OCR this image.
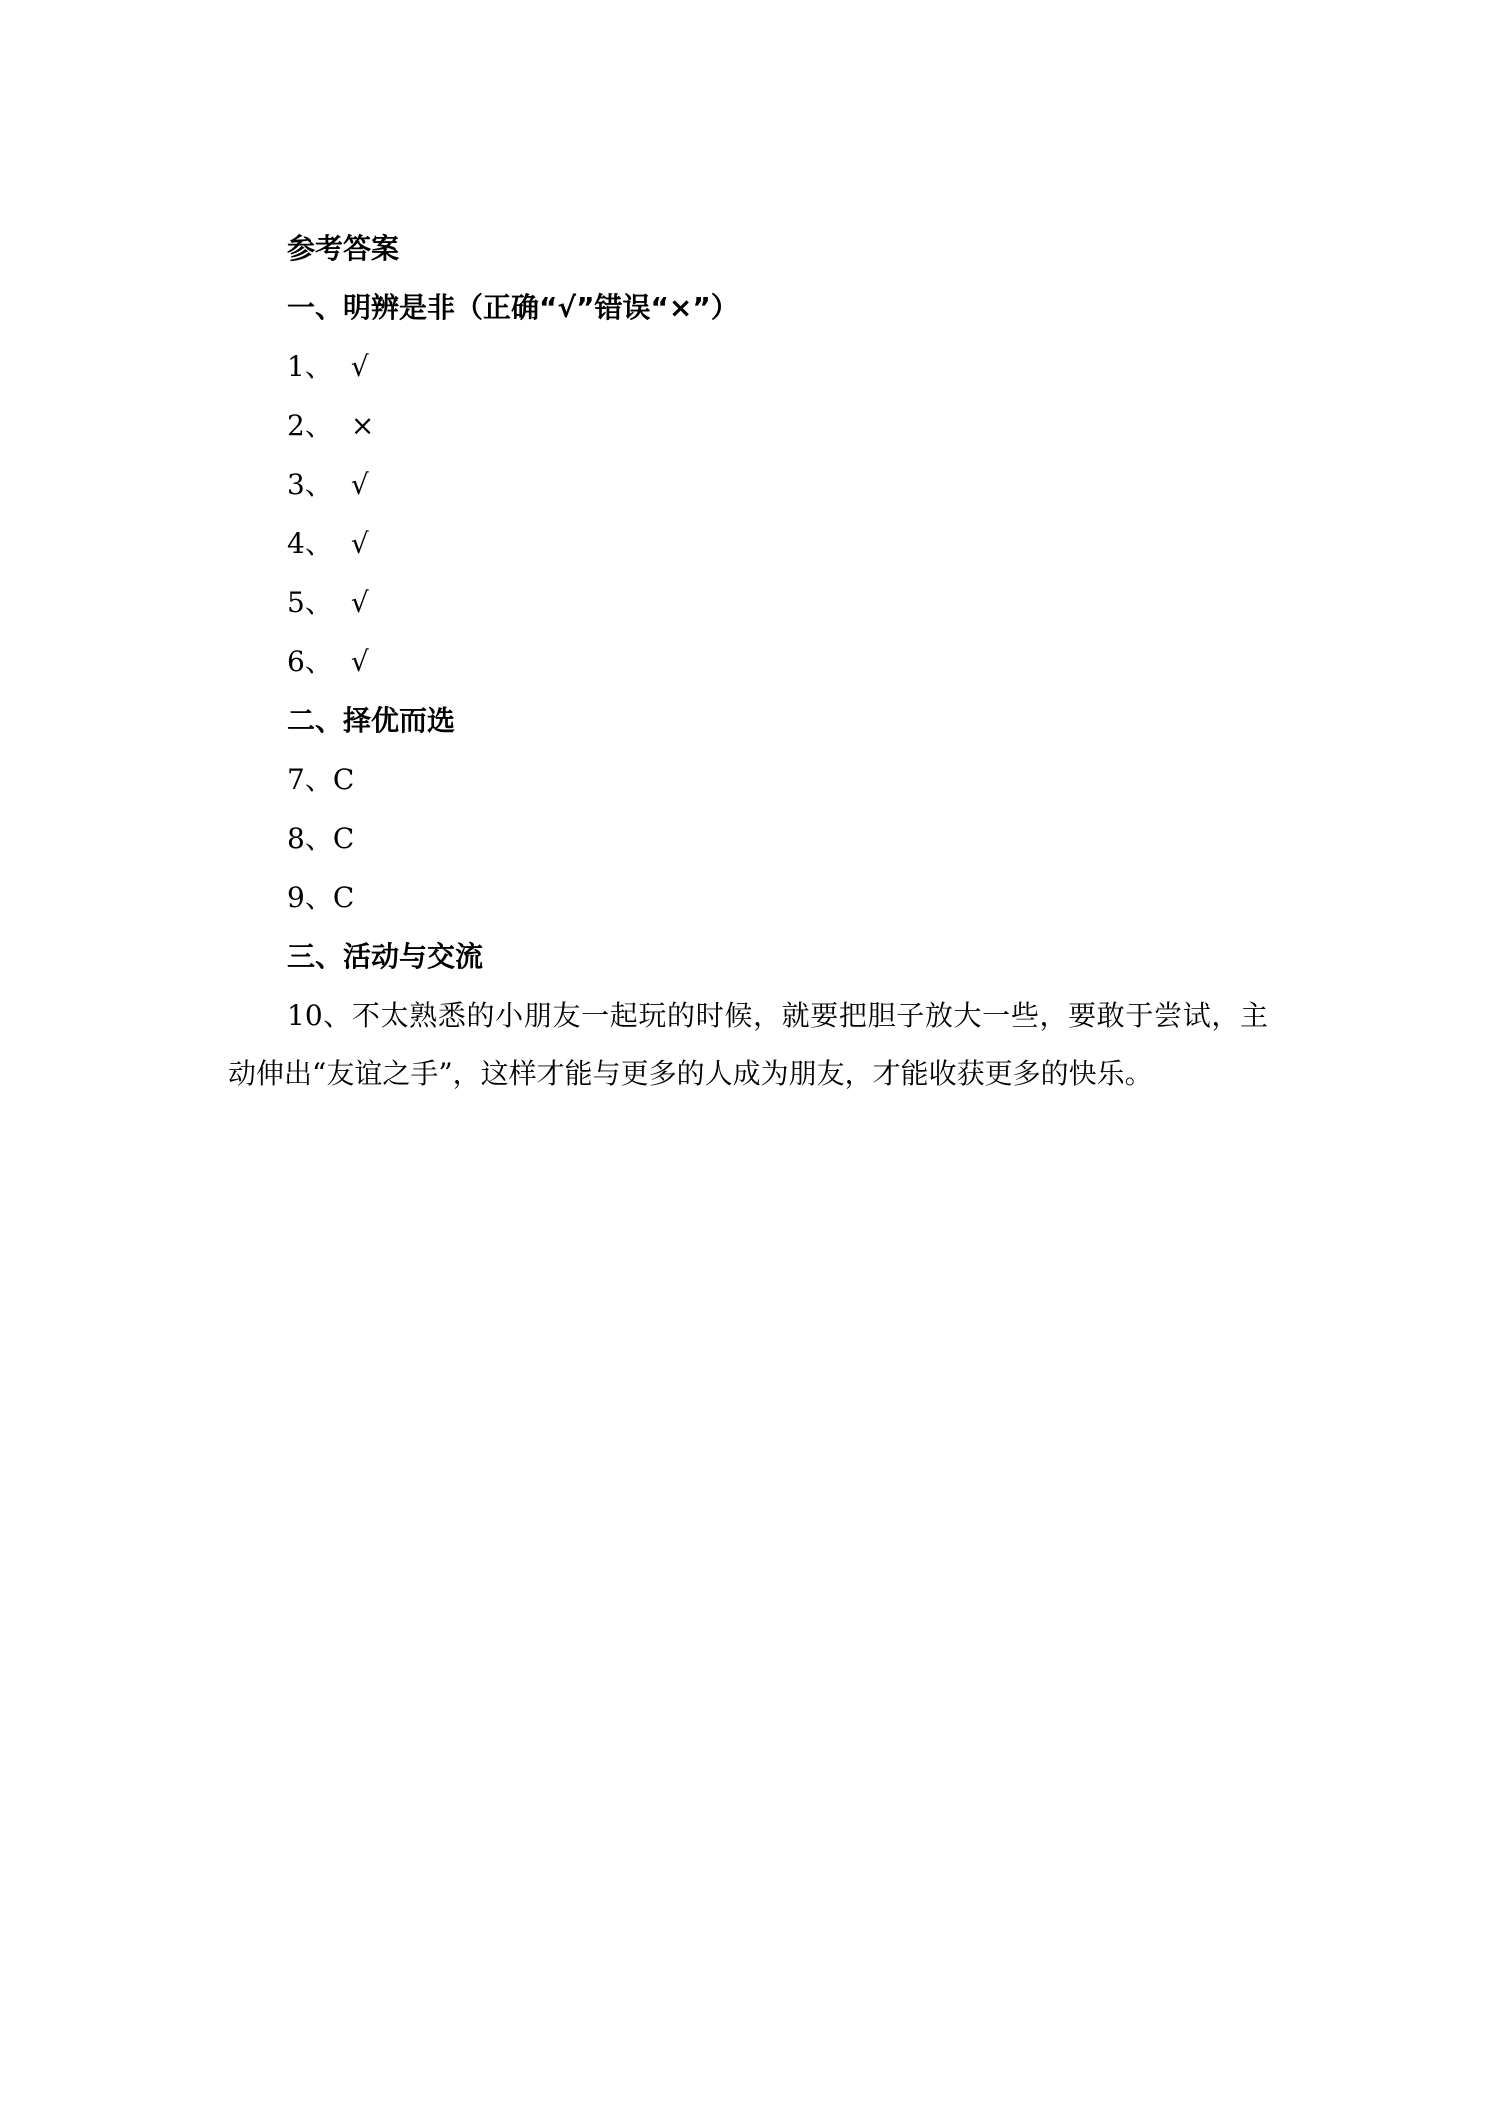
参考答案
一、明辨是非（正确“√”错误“×”）
1、 √
2、 ×
3、 √
4、 √
5、 √
6、 √
二、择优而选
7、C
8、C
9、C
三、活动与交流
10、不太熟悉的小朋友一起玩的时候，就要把胆子放大一些，要敢于尝试，主动伸出“友谊之手”，这样才能与更多的人成为朋友，才能收获更多的快乐。
